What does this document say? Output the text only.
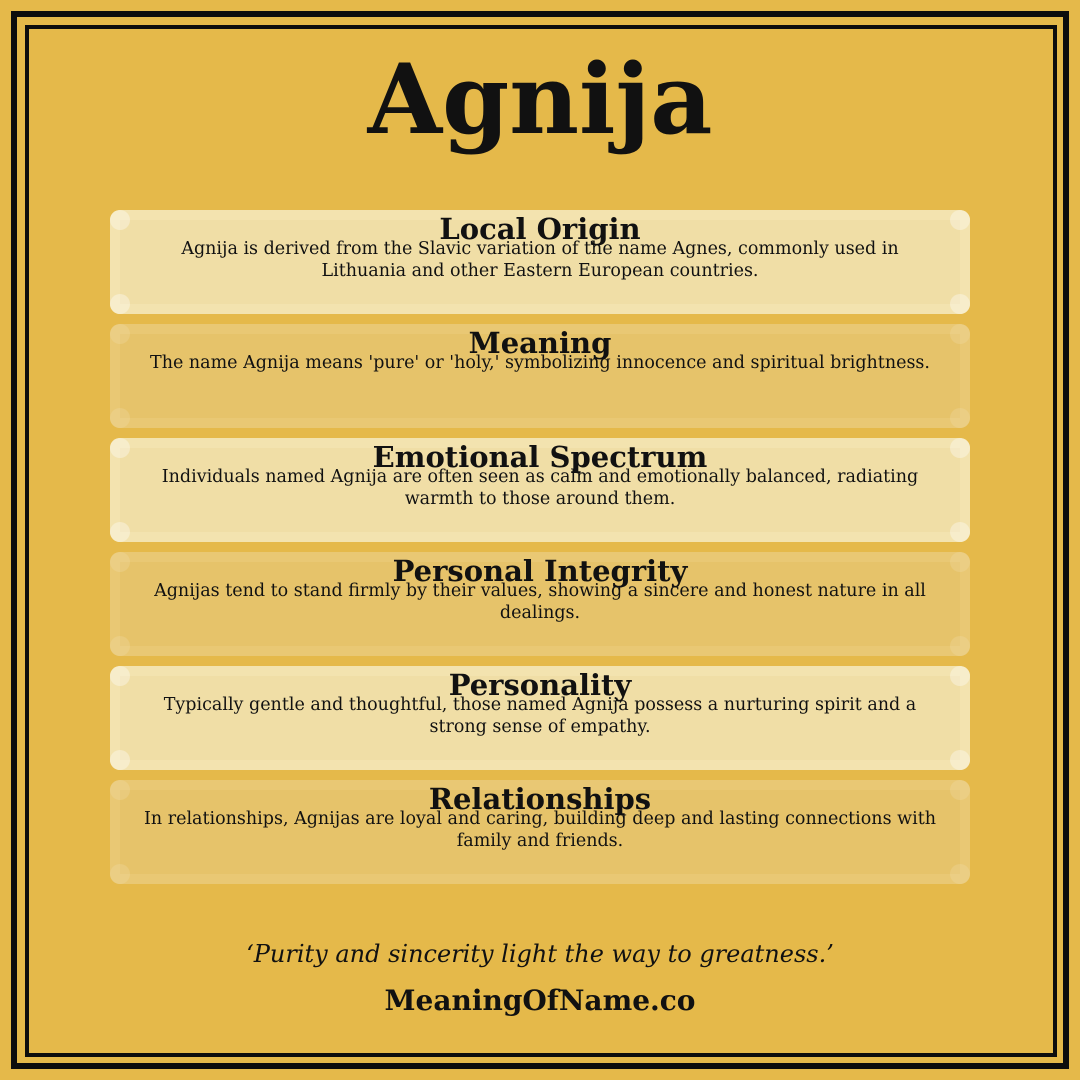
Agnija
Local Origin
Agnija is derived from the Slavic variation of the name Agnes, commonly used in Lithuania and other Eastern European countries.
Meaning
The name Agnija means 'pure' or 'holy,' symbolizing innocence and spiritual brightness.
Emotional Spectrum
Individuals named Agnija are often seen as calm and emotionally balanced, radiating warmth to those around them.
Personal Integrity
Agnijas tend to stand firmly by their values, showing a sincere and honest nature in all dealings.
Personality
Typically gentle and thoughtful, those named Agnija possess a nurturing spirit and a strong sense of empathy.
Relationships
In relationships, Agnijas are loyal and caring, building deep and lasting connections with family and friends.
‘Purity and sincerity light the way to greatness.’
MeaningOfName.co
